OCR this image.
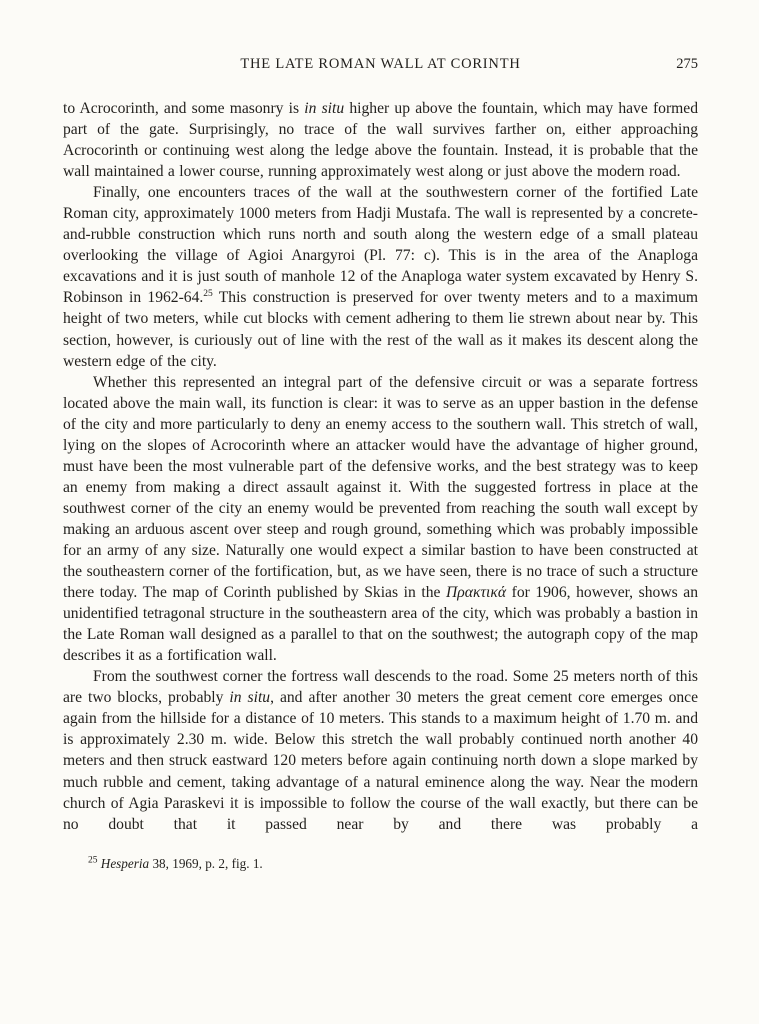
THE LATE ROMAN WALL AT CORINTH	275

to Acrocorinth, and some masonry is in situ higher up above the fountain, which may have formed part of the gate. Surprisingly, no trace of the wall survives farther on, either approaching Acrocorinth or continuing west along the ledge above the fountain. Instead, it is probable that the wall maintained a lower course, running approximately west along or just above the modern road.

Finally, one encounters traces of the wall at the southwestern corner of the fortified Late Roman city, approximately 1000 meters from Hadji Mustafa. The wall is represented by a concrete-and-rubble construction which runs north and south along the western edge of a small plateau overlooking the village of Agioi Anargyroi (Pl. 77: c). This is in the area of the Anaploga excavations and it is just south of manhole 12 of the Anaploga water system excavated by Henry S. Robinson in 1962-64.25 This construction is preserved for over twenty meters and to a maximum height of two meters, while cut blocks with cement adhering to them lie strewn about near by. This section, however, is curiously out of line with the rest of the wall as it makes its descent along the western edge of the city.

Whether this represented an integral part of the defensive circuit or was a separate fortress located above the main wall, its function is clear: it was to serve as an upper bastion in the defense of the city and more particularly to deny an enemy access to the southern wall. This stretch of wall, lying on the slopes of Acrocorinth where an attacker would have the advantage of higher ground, must have been the most vulnerable part of the defensive works, and the best strategy was to keep an enemy from making a direct assault against it. With the suggested fortress in place at the southwest corner of the city an enemy would be prevented from reaching the south wall except by making an arduous ascent over steep and rough ground, something which was probably impossible for an army of any size. Naturally one would expect a similar bastion to have been constructed at the southeastern corner of the fortification, but, as we have seen, there is no trace of such a structure there today. The map of Corinth published by Skias in the Πρακτικά for 1906, however, shows an unidentified tetragonal structure in the southeastern area of the city, which was probably a bastion in the Late Roman wall designed as a parallel to that on the southwest; the autograph copy of the map describes it as a fortification wall.

From the southwest corner the fortress wall descends to the road. Some 25 meters north of this are two blocks, probably in situ, and after another 30 meters the great cement core emerges once again from the hillside for a distance of 10 meters. This stands to a maximum height of 1.70 m. and is approximately 2.30 m. wide. Below this stretch the wall probably continued north another 40 meters and then struck eastward 120 meters before again continuing north down a slope marked by much rubble and cement, taking advantage of a natural eminence along the way. Near the modern church of Agia Paraskevi it is impossible to follow the course of the wall exactly, but there can be no doubt that it passed near by and there was probably a

$^{25}$ Hesperia 38, 1969, p. 2, fig. 1.
